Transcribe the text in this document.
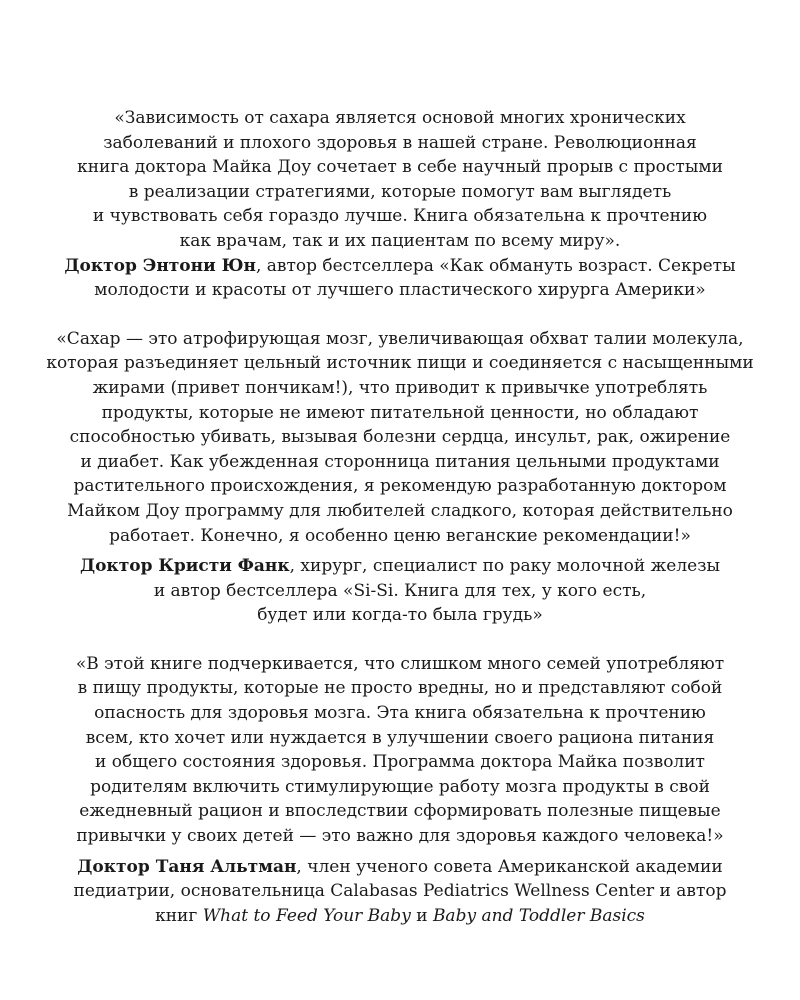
«Зависимость от сахара является основой многих хронических
заболеваний и плохого здоровья в нашей стране. Революционная
книга доктора Майка Доу сочетает в себе научный прорыв с простыми
в реализации стратегиями, которые помогут вам выглядеть
и чувствовать себя гораздо лучше. Книга обязательна к прочтению
как врачам, так и их пациентам по всему миру».
Доктор Энтони Юн, автор бестселлера «Как обмануть возраст. Секреты
молодости и красоты от лучшего пластического хирурга Америки»
«Сахар — это атрофирующая мозг, увеличивающая обхват талии молекула,
которая разъединяет цельный источник пищи и соединяется с насыщенными
жирами (привет пончикам!), что приводит к привычке употреблять
продукты, которые не имеют питательной ценности, но обладают
способностью убивать, вызывая болезни сердца, инсульт, рак, ожирение
и диабет. Как убежденная сторонница питания цельными продуктами
растительного происхождения, я рекомендую разработанную доктором
Майком Доу программу для любителей сладкого, которая действительно
работает. Конечно, я особенно ценю веганские рекомендации!»
Доктор Кристи Фанк, хирург, специалист по раку молочной железы
и автор бестселлера «Si-Si. Книга для тех, у кого есть,
будет или когда-то была грудь»
«В этой книге подчеркивается, что слишком много семей употребляют
в пищу продукты, которые не просто вредны, но и представляют собой
опасность для здоровья мозга. Эта книга обязательна к прочтению
всем, кто хочет или нуждается в улучшении своего рациона питания
и общего состояния здоровья. Программа доктора Майка позволит
родителям включить стимулирующие работу мозга продукты в свой
ежедневный рацион и впоследствии сформировать полезные пищевые
привычки у своих детей — это важно для здоровья каждого человека!»
Доктор Таня Альтман, член ученого совета Американской академии
педиатрии, основательница Calabasas Pediatrics Wellness Center и автор
книг What to Feed Your Baby и Baby and Toddler Basics
